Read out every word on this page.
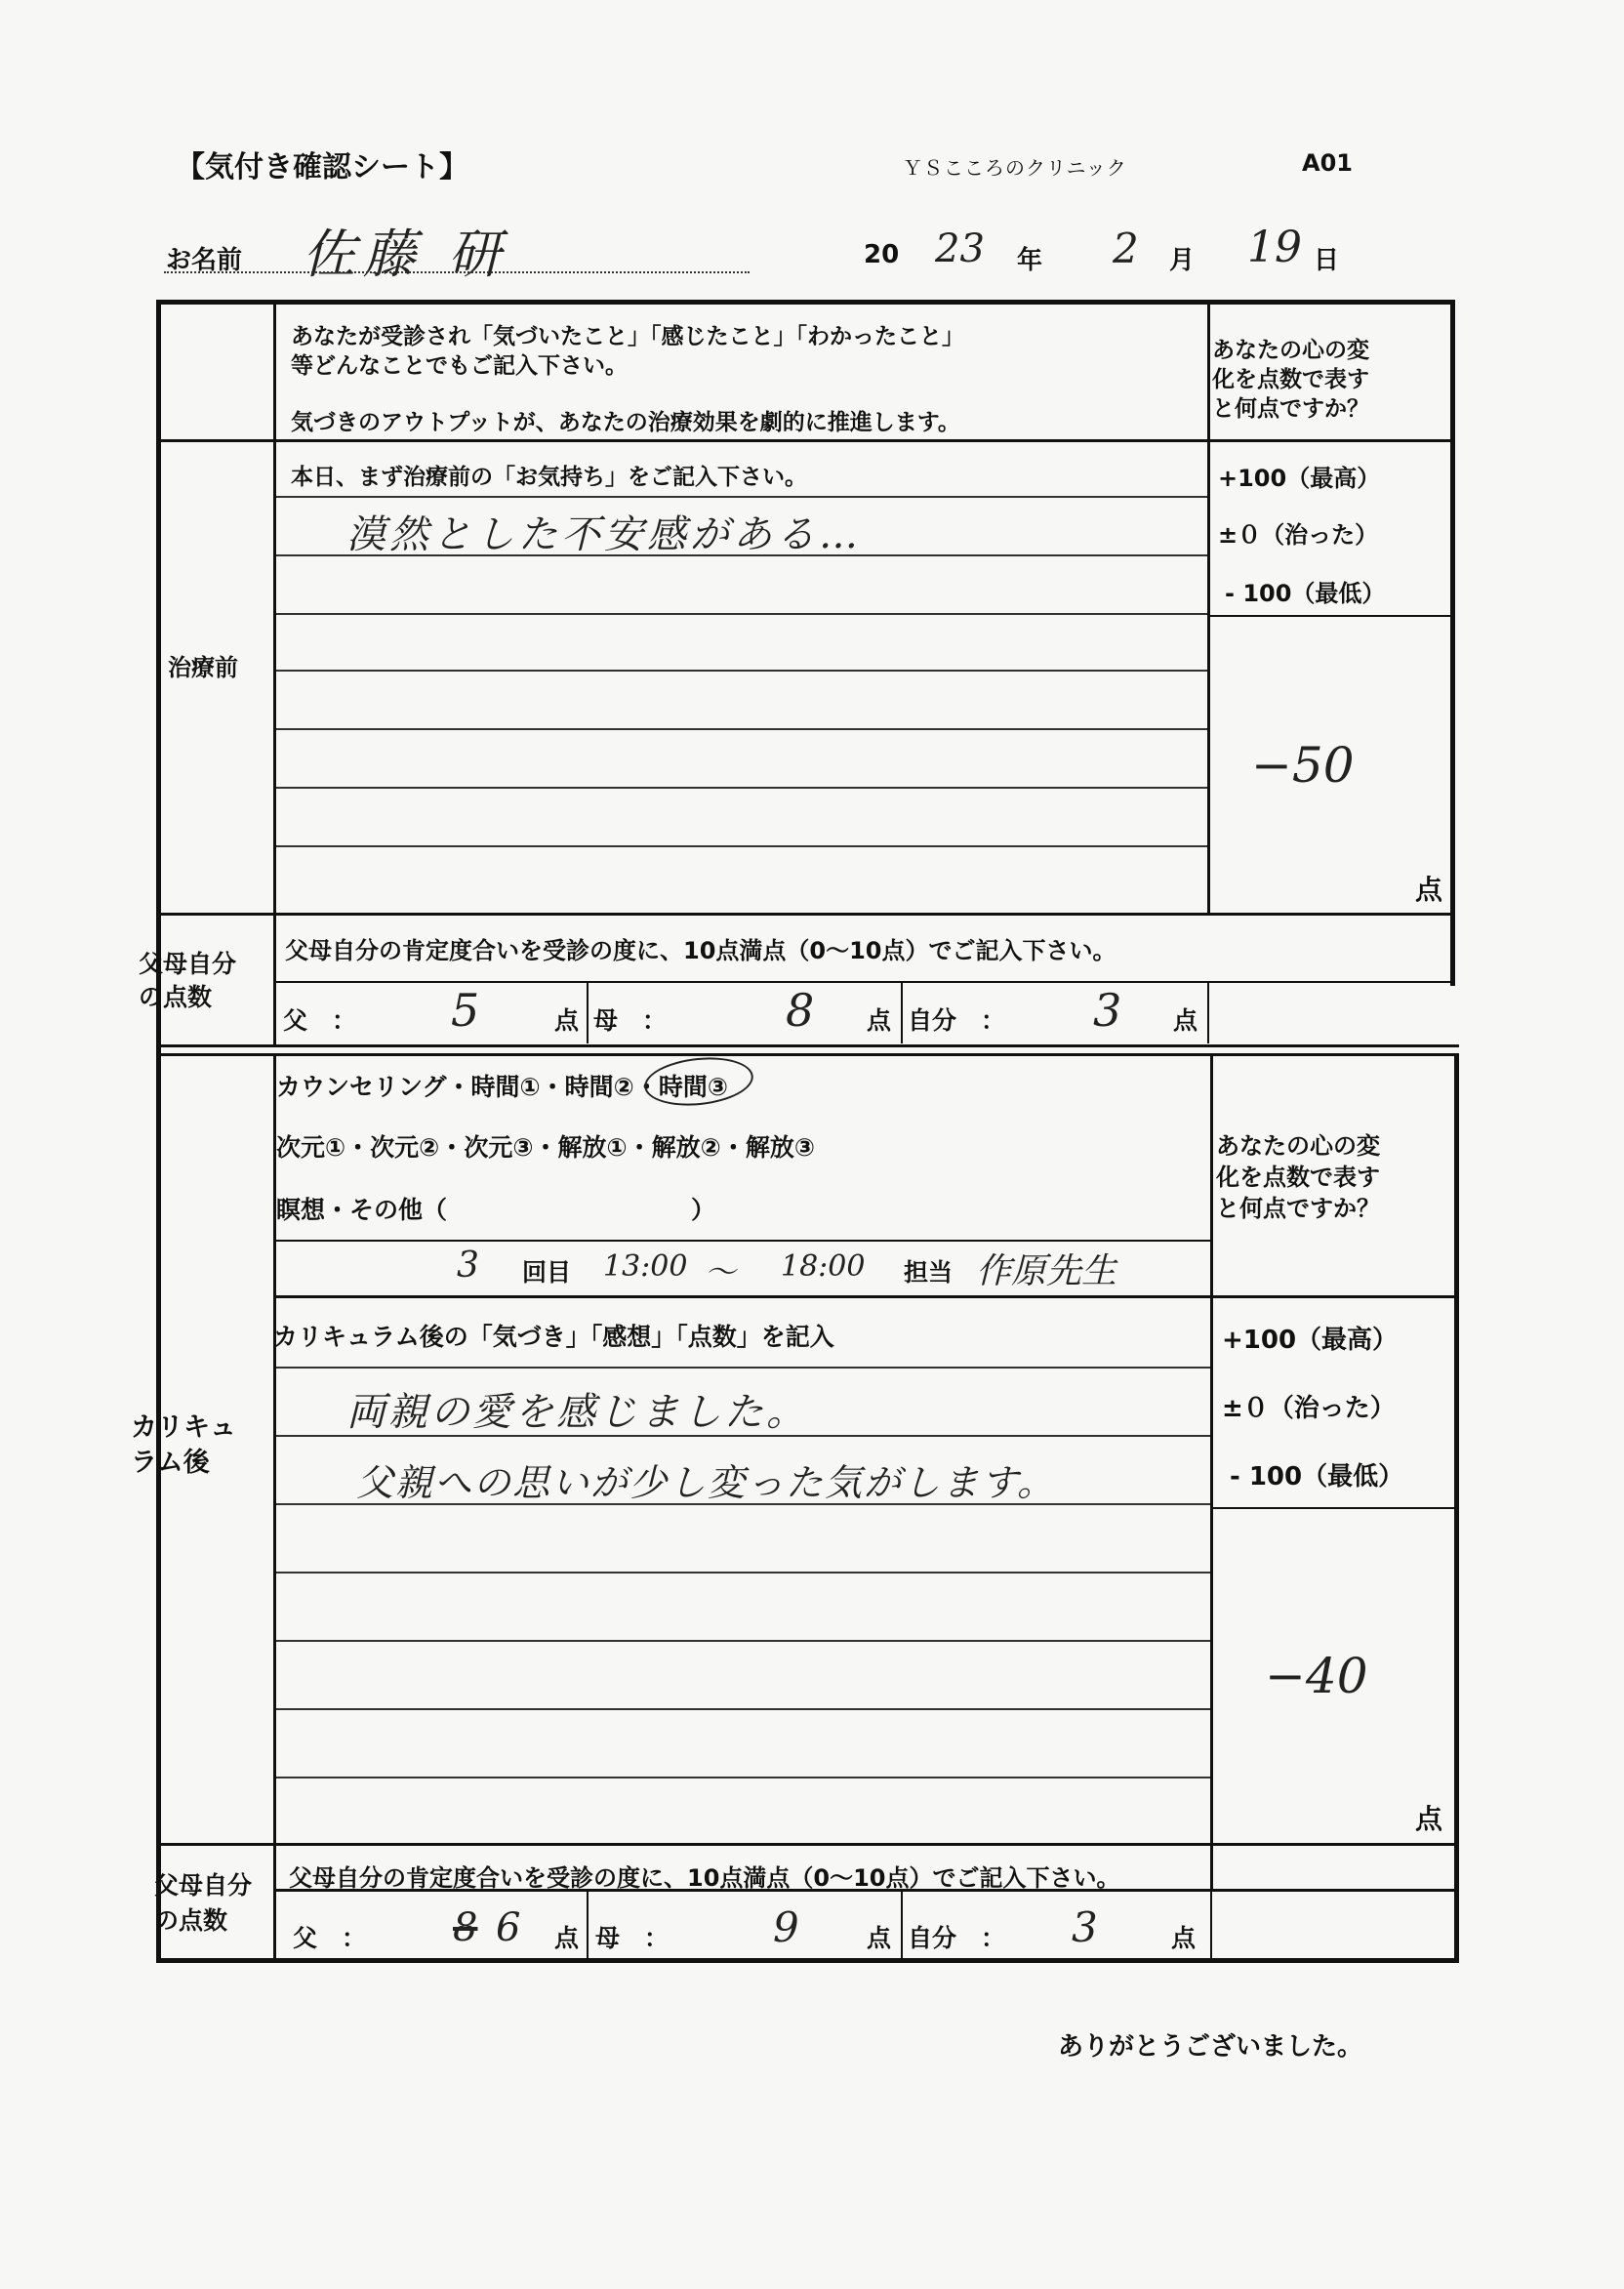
【気付き確認シート】	ＹＳこころのクリニック	A01
お名前 佐藤 研	20 23 年 2 月 19 日
あなたが受診され「気づいたこと」「感じたこと」「わかったこと」
等どんなことでもご記入下さい。
気づきのアウトプットが、あなたの治療効果を劇的に推進します。
あなたの心の変
化を点数で表す
と何点ですか？
治療前
本日、まず治療前の「お気持ち」をご記入下さい。
漠然とした不安感がある…
+100（最高）
±０（治った）
- 100（最低）
−50
点
父母自分
の点数
父母自分の肯定度合いを受診の度に、10点満点（0～10点）でご記入下さい。
父　： 5	点 母　：	8 点 自分　： 3 点
カウンセリング・時間①・時間②・時間③
次元①・次元②・次元③・解放①・解放②・解放③
瞑想・その他（　　　　　　　　　　）
3 回目 13:00 ～ 18:00 担当 作原先生
あなたの心の変
化を点数で表す
と何点ですか？
カリキュ
ラム後
カリキュラム後の「気づき」「感想」「点数」を記入
両親の愛を感じました。
父親への思いが少し変った気がします。
+100（最高）
±０（治った）
- 100（最低）
−40
点
父母自分
の点数
父母自分の肯定度合いを受診の度に、10点満点（0～10点）でご記入下さい。
父　： 8 6 点 母　：	9	点 自分　： 3	点
ありがとうございました。
